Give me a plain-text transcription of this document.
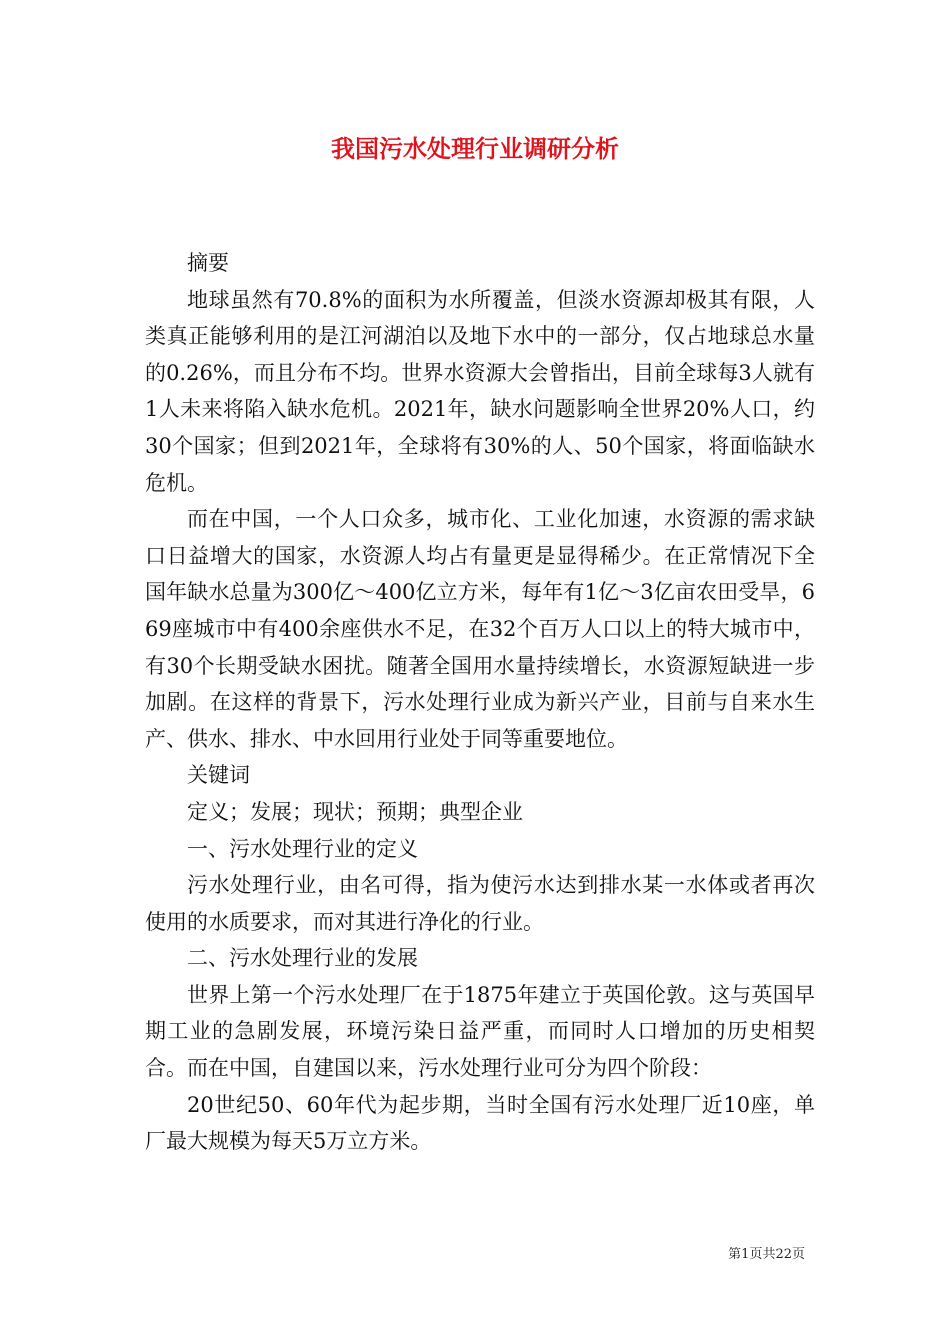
我国污水处理行业调研分析

摘要

地球虽然有70.8%的面积为水所覆盖，但淡水资源却极其有限，人类真正能够利用的是江河湖泊以及地下水中的一部分，仅占地球总水量的0.26%，而且分布不均。世界水资源大会曾指出，目前全球每3人就有1人未来将陷入缺水危机。2021年，缺水问题影响全世界20%人口，约30个国家；但到2021年，全球将有30%的人、50个国家，将面临缺水危机。

而在中国，一个人口众多，城市化、工业化加速，水资源的需求缺口日益增大的国家，水资源人均占有量更是显得稀少。在正常情况下全国年缺水总量为300亿～400亿立方米，每年有1亿～3亿亩农田受旱，669座城市中有400余座供水不足，在32个百万人口以上的特大城市中，有30个长期受缺水困扰。随著全国用水量持续增长，水资源短缺进一步加剧。在这样的背景下，污水处理行业成为新兴产业，目前与自来水生产、供水、排水、中水回用行业处于同等重要地位。

关键词

定义；发展；现状；预期；典型企业

一、污水处理行业的定义

污水处理行业，由名可得，指为使污水达到排水某一水体或者再次使用的水质要求，而对其进行净化的行业。

二、污水处理行业的发展

世界上第一个污水处理厂在于1875年建立于英国伦敦。这与英国早期工业的急剧发展，环境污染日益严重，而同时人口增加的历史相契合。而在中国，自建国以来，污水处理行业可分为四个阶段：

20世纪50、60年代为起步期，当时全国有污水处理厂近10座，单厂最大规模为每天5万立方米。

第1页共22页
